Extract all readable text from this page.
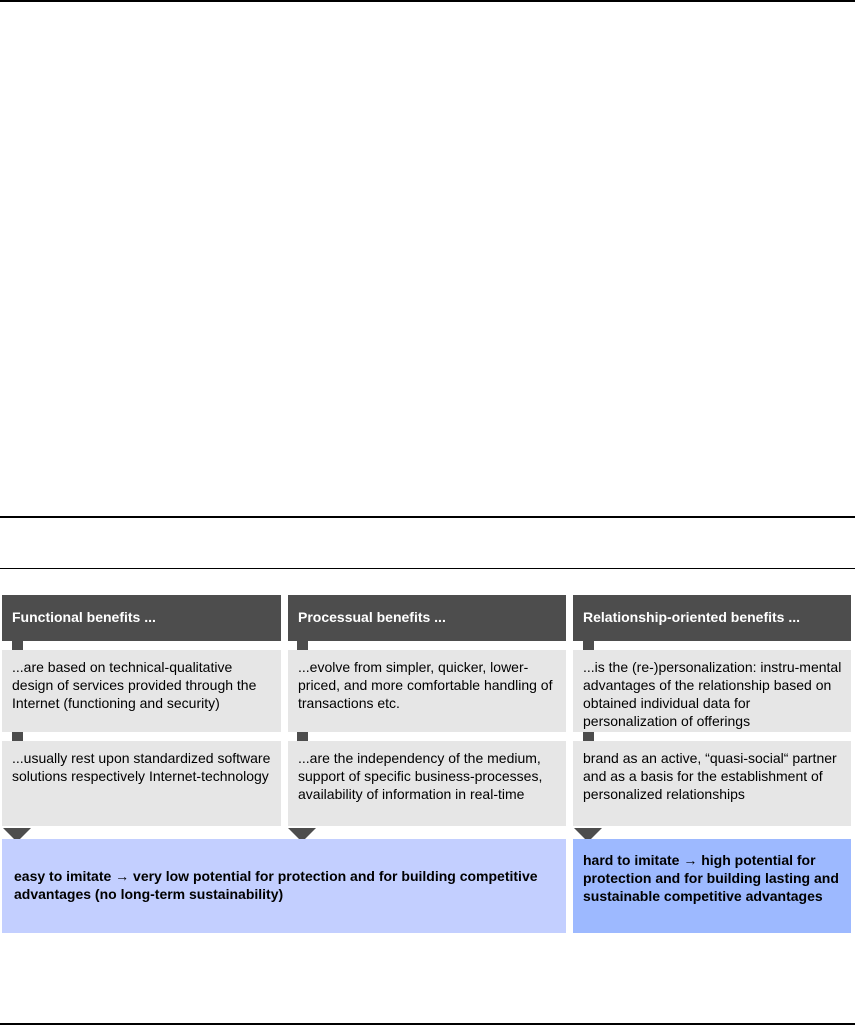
Functional benefits ...
...are based on technical-qualitative design of services provided through the Internet (functioning and security)
...usually rest upon standardized software solutions respectively Internet-technology
Processual benefits ...
...evolve from simpler, quicker, lower-priced, and more comfortable handling of transactions etc.
...are the independency of the medium, support of specific business-processes, availability of information in real-time
Relationship-oriented benefits ...
...is the (re-)personalization: instru-mental advantages of the relationship based on obtained individual data for personalization of offerings
brand as an active, “quasi-social“ partner and as a basis for the establishment of personalized relationships
easy to imitate → very low potential for protection and for building competitive advantages (no long-term sustainability)
hard to imitate → high potential for protection and for building lasting and sustainable competitive advantages
